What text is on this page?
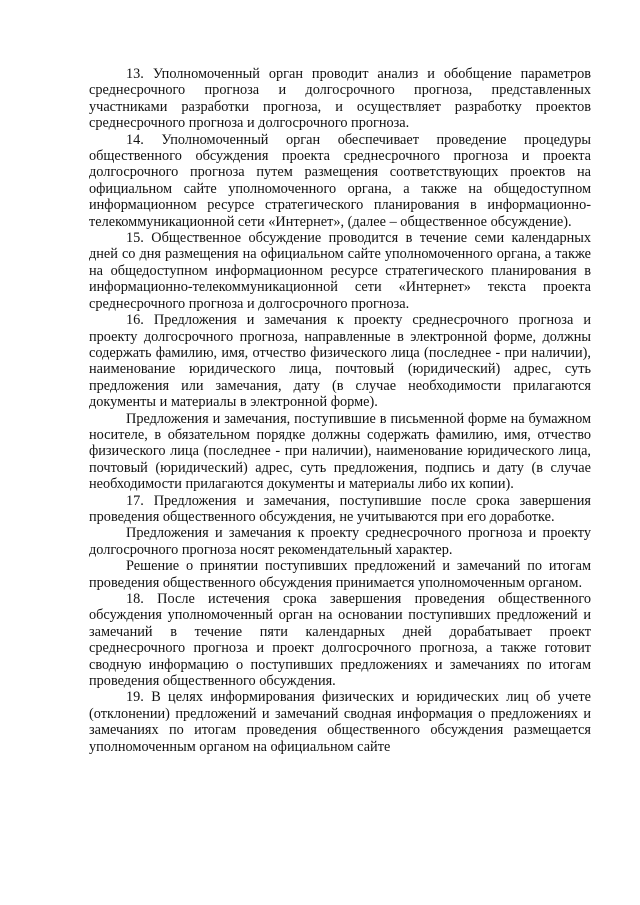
13. Уполномоченный орган проводит анализ и обобщение параметров среднесрочного прогноза и долгосрочного прогноза, представленных участниками разработки прогноза, и осуществляет разработку проектов среднесрочного прогноза и долгосрочного прогноза.

14. Уполномоченный орган обеспечивает проведение процедуры общественного обсуждения проекта среднесрочного прогноза и проекта долгосрочного прогноза путем размещения соответствующих проектов на официальном сайте уполномоченного органа, а также на общедоступном информационном ресурсе стратегического планирования в информационно-телекоммуникационной сети «Интернет», (далее – общественное обсуждение).

15. Общественное обсуждение проводится в течение семи календарных дней со дня размещения на официальном сайте уполномоченного органа, а также на общедоступном информационном ресурсе стратегического планирования в информационно-телекоммуникационной сети «Интернет» текста проекта среднесрочного прогноза и долгосрочного прогноза.

16. Предложения и замечания к проекту среднесрочного прогноза и проекту долгосрочного прогноза, направленные в электронной форме, должны содержать фамилию, имя, отчество физического лица (последнее - при наличии), наименование юридического лица, почтовый (юридический) адрес, суть предложения или замечания, дату (в случае необходимости прилагаются документы и материалы в электронной форме).

Предложения и замечания, поступившие в письменной форме на бумажном носителе, в обязательном порядке должны содержать фамилию, имя, отчество физического лица (последнее - при наличии), наименование юридического лица, почтовый (юридический) адрес, суть предложения, подпись и дату (в случае необходимости прилагаются документы и материалы либо их копии).

17. Предложения и замечания, поступившие после срока завершения проведения общественного обсуждения, не учитываются при его доработке.

Предложения и замечания к проекту среднесрочного прогноза и проекту долгосрочного прогноза носят рекомендательный характер.

Решение о принятии поступивших предложений и замечаний по итогам проведения общественного обсуждения принимается уполномоченным органом.

18. После истечения срока завершения проведения общественного обсуждения уполномоченный орган на основании поступивших предложений и замечаний в течение пяти календарных дней дорабатывает проект среднесрочного прогноза и проект долгосрочного прогноза, а также готовит сводную информацию о поступивших предложениях и замечаниях по итогам проведения общественного обсуждения.

19. В целях информирования физических и юридических лиц об учете (отклонении) предложений и замечаний сводная информация о предложениях и замечаниях по итогам проведения общественного обсуждения размещается уполномоченным органом на официальном сайте
